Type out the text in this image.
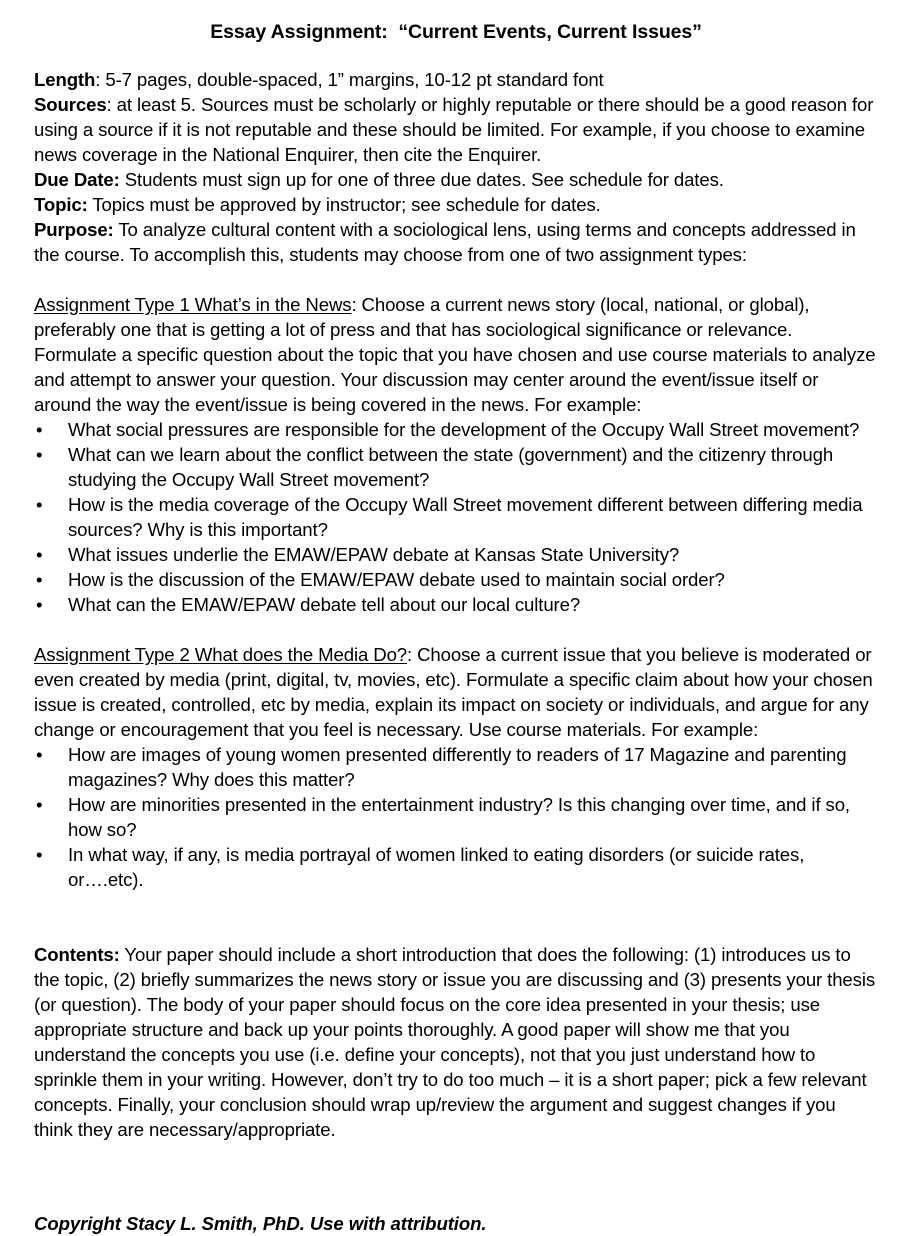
Essay Assignment:  “Current Events, Current Issues”

Length: 5-7 pages, double-spaced, 1” margins, 10-12 pt standard font

Sources: at least 5. Sources must be scholarly or highly reputable or there should be a good reason for using a source if it is not reputable and these should be limited. For example, if you choose to examine news coverage in the National Enquirer, then cite the Enquirer.

Due Date: Students must sign up for one of three due dates. See schedule for dates.

Topic: Topics must be approved by instructor; see schedule for dates.

Purpose: To analyze cultural content with a sociological lens, using terms and concepts addressed in the course. To accomplish this, students may choose from one of two assignment types:

Assignment Type 1 What’s in the News: Choose a current news story (local, national, or global), preferably one that is getting a lot of press and that has sociological significance or relevance. Formulate a specific question about the topic that you have chosen and use course materials to analyze and attempt to answer your question. Your discussion may center around the event/issue itself or around the way the event/issue is being covered in the news. For example:

• What social pressures are responsible for the development of the Occupy Wall Street movement?
• What can we learn about the conflict between the state (government) and the citizenry through studying the Occupy Wall Street movement?
• How is the media coverage of the Occupy Wall Street movement different between differing media sources? Why is this important?
• What issues underlie the EMAW/EPAW debate at Kansas State University?
• How is the discussion of the EMAW/EPAW debate used to maintain social order?
• What can the EMAW/EPAW debate tell about our local culture?

Assignment Type 2 What does the Media Do?: Choose a current issue that you believe is moderated or even created by media (print, digital, tv, movies, etc). Formulate a specific claim about how your chosen issue is created, controlled, etc by media, explain its impact on society or individuals, and argue for any change or encouragement that you feel is necessary. Use course materials. For example:

• How are images of young women presented differently to readers of 17 Magazine and parenting magazines? Why does this matter?
• How are minorities presented in the entertainment industry? Is this changing over time, and if so, how so?
• In what way, if any, is media portrayal of women linked to eating disorders (or suicide rates, or….etc).

Contents: Your paper should include a short introduction that does the following: (1) introduces us to the topic, (2) briefly summarizes the news story or issue you are discussing and (3) presents your thesis (or question). The body of your paper should focus on the core idea presented in your thesis; use appropriate structure and back up your points thoroughly. A good paper will show me that you understand the concepts you use (i.e. define your concepts), not that you just understand how to sprinkle them in your writing. However, don’t try to do too much – it is a short paper; pick a few relevant concepts. Finally, your conclusion should wrap up/review the argument and suggest changes if you think they are necessary/appropriate.

Copyright Stacy L. Smith, PhD. Use with attribution.
